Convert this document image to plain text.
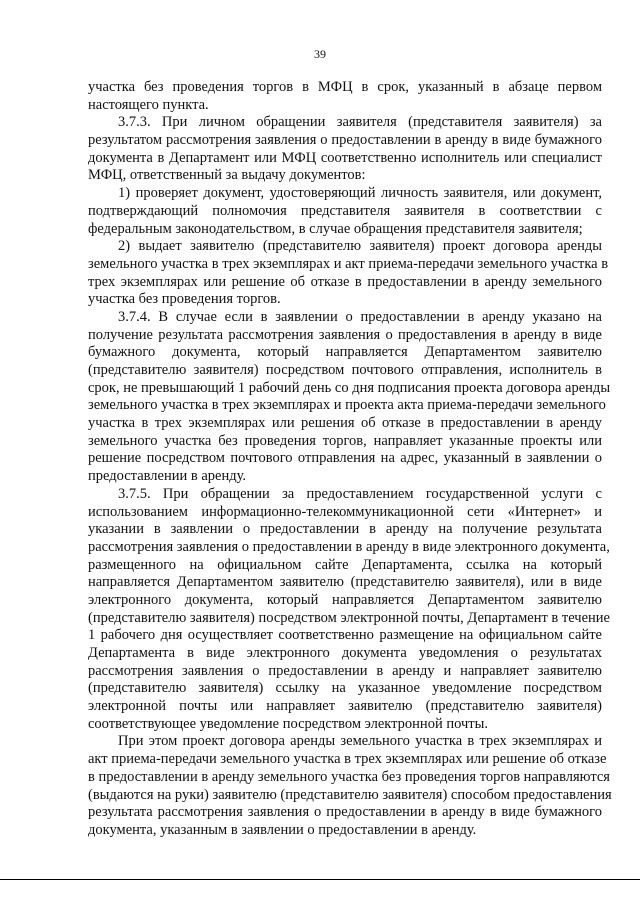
39
участка без проведения торгов в МФЦ в срок, указанный в абзаце первом
настоящего пункта.
3.7.3. При личном обращении заявителя (представителя заявителя) за
результатом рассмотрения заявления о предоставлении в аренду в виде бумажного
документа в Департамент или МФЦ соответственно исполнитель или специалист
МФЦ, ответственный за выдачу документов:
1) проверяет документ, удостоверяющий личность заявителя, или документ,
подтверждающий полномочия представителя заявителя в соответствии с
федеральным законодательством, в случае обращения представителя заявителя;
2) выдает заявителю (представителю заявителя) проект договора аренды
земельного участка в трех экземплярах и акт приема-передачи земельного участка в
трех экземплярах или решение об отказе в предоставлении в аренду земельного
участка без проведения торгов.
3.7.4. В случае если в заявлении о предоставлении в аренду указано на
получение результата рассмотрения заявления о предоставления в аренду в виде
бумажного документа, который направляется Департаментом заявителю
(представителю заявителя) посредством почтового отправления, исполнитель в
срок, не превышающий 1 рабочий день со дня подписания проекта договора аренды
земельного участка в трех экземплярах и проекта акта приема-передачи земельного
участка в трех экземплярах или решения об отказе в предоставлении в аренду
земельного участка без проведения торгов, направляет указанные проекты или
решение посредством почтового отправления на адрес, указанный в заявлении о
предоставлении в аренду.
3.7.5. При обращении за предоставлением государственной услуги с
использованием информационно-телекоммуникационной сети «Интернет» и
указании в заявлении о предоставлении в аренду на получение результата
рассмотрения заявления о предоставлении в аренду в виде электронного документа,
размещенного на официальном сайте Департамента, ссылка на который
направляется Департаментом заявителю (представителю заявителя), или в виде
электронного документа, который направляется Департаментом заявителю
(представителю заявителя) посредством электронной почты, Департамент в течение
1 рабочего дня осуществляет соответственно размещение на официальном сайте
Департамента в виде электронного документа уведомления о результатах
рассмотрения заявления о предоставлении в аренду и направляет заявителю
(представителю заявителя) ссылку на указанное уведомление посредством
электронной почты или направляет заявителю (представителю заявителя)
соответствующее уведомление посредством электронной почты.
При этом проект договора аренды земельного участка в трех экземплярах и
акт приема-передачи земельного участка в трех экземплярах или решение об отказе
в предоставлении в аренду земельного участка без проведения торгов направляются
(выдаются на руки) заявителю (представителю заявителя) способом предоставления
результата рассмотрения заявления о предоставлении в аренду в виде бумажного
документа, указанным в заявлении о предоставлении в аренду.
